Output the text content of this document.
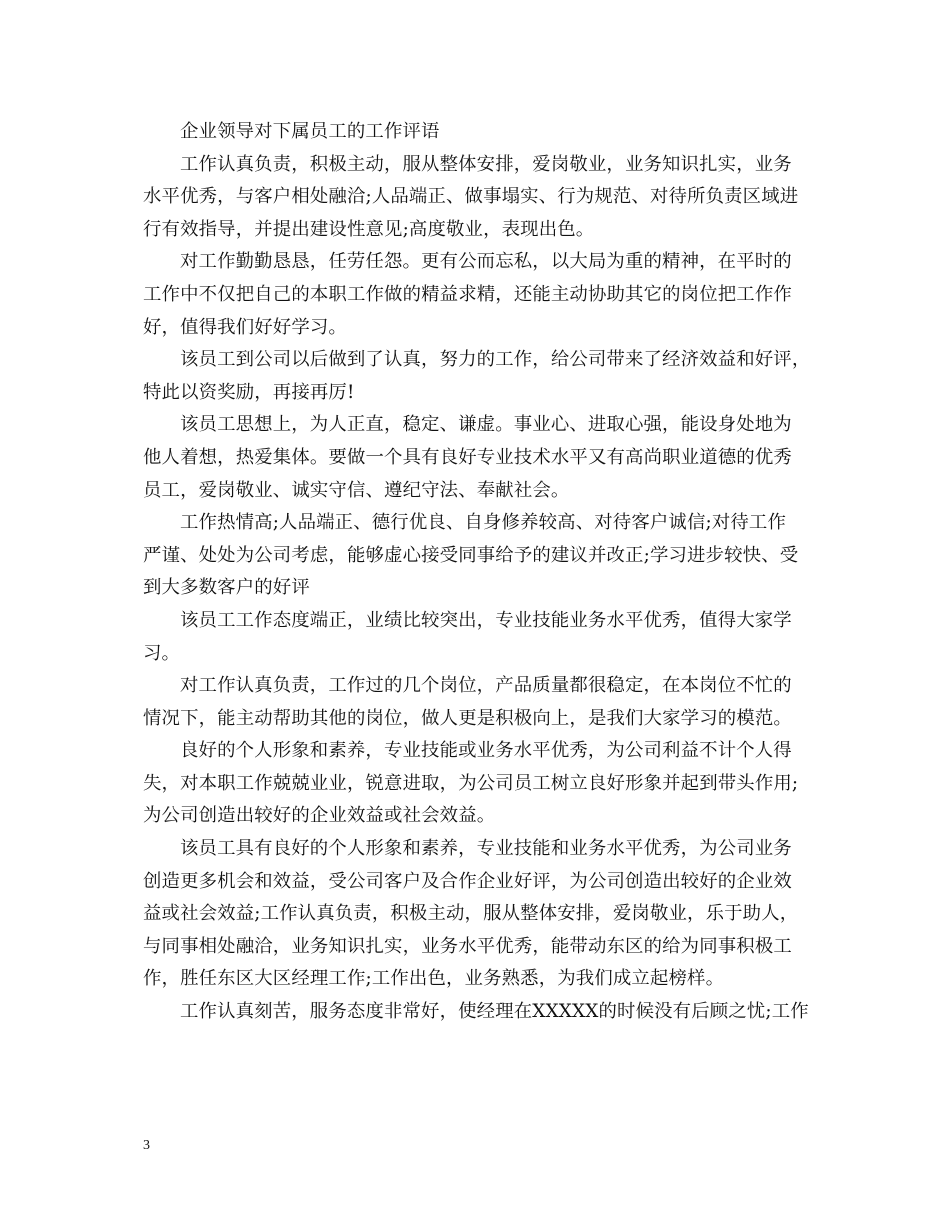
企业领导对下属员工的工作评语
工作认真负责，积极主动，服从整体安排，爱岗敬业，业务知识扎实，业务
水平优秀，与客户相处融洽;人品端正、做事塌实、行为规范、对待所负责区域进
行有效指导，并提出建设性意见;高度敬业，表现出色。
对工作勤勤恳恳，任劳任怨。更有公而忘私，以大局为重的精神，在平时的
工作中不仅把自己的本职工作做的精益求精，还能主动协助其它的岗位把工作作
好，值得我们好好学习。
该员工到公司以后做到了认真，努力的工作，给公司带来了经济效益和好评，
特此以资奖励，再接再厉!
该员工思想上，为人正直，稳定、谦虚。事业心、进取心强，能设身处地为
他人着想，热爱集体。要做一个具有良好专业技术水平又有高尚职业道德的优秀
员工，爱岗敬业、诚实守信、遵纪守法、奉献社会。
工作热情高;人品端正、德行优良、自身修养较高、对待客户诚信;对待工作
严谨、处处为公司考虑，能够虚心接受同事给予的建议并改正;学习进步较快、受
到大多数客户的好评
该员工工作态度端正，业绩比较突出，专业技能业务水平优秀，值得大家学
习。
对工作认真负责，工作过的几个岗位，产品质量都很稳定，在本岗位不忙的
情况下，能主动帮助其他的岗位，做人更是积极向上，是我们大家学习的模范。
良好的个人形象和素养，专业技能或业务水平优秀，为公司利益不计个人得
失，对本职工作兢兢业业，锐意进取，为公司员工树立良好形象并起到带头作用;
为公司创造出较好的企业效益或社会效益。
该员工具有良好的个人形象和素养，专业技能和业务水平优秀，为公司业务
创造更多机会和效益，受公司客户及合作企业好评，为公司创造出较好的企业效
益或社会效益;工作认真负责，积极主动，服从整体安排，爱岗敬业，乐于助人，
与同事相处融洽，业务知识扎实，业务水平优秀，能带动东区的给为同事积极工
作，胜任东区大区经理工作;工作出色，业务熟悉，为我们成立起榜样。
工作认真刻苦，服务态度非常好，使经理在XXXXX的时候没有后顾之忧;工作
3
